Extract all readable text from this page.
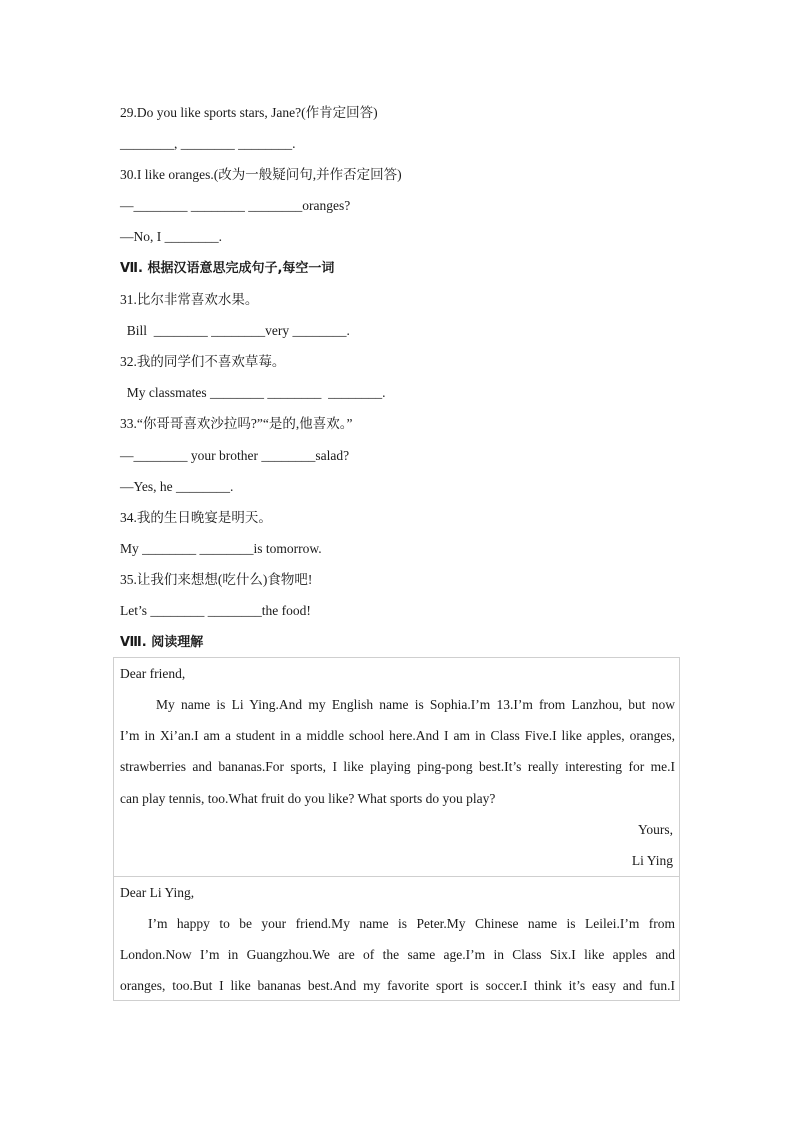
29.Do you like sports stars, Jane?(作肯定回答)
________, ________ ________.
30.I like oranges.(改为一般疑问句,并作否定回答)
—________ ________ ________oranges?
—No, I ________.
Ⅶ. 根据汉语意思完成句子,每空一词
31.比尔非常喜欢水果。
Bill  ________ ________very ________.
32.我的同学们不喜欢草莓。
My classmates ________ ________  ________.
33.“你哥哥喜欢沙拉吗?”“是的,他喜欢。”
—________ your brother ________salad?
—Yes, he ________.
34.我的生日晚宴是明天。
My ________ ________is tomorrow.
35.让我们来想想(吃什么)食物吧!
Let’s ________ ________the food!
Ⅷ. 阅读理解
Dear friend,
My name is Li Ying.And my English name is Sophia.I’m 13.I’m from Lanzhou, but now
I’m in Xi’an.I am a student in a middle school here.And I am in Class Five.I like apples, oranges,
strawberries and bananas.For sports, I like playing ping-pong best.It’s really interesting for me.I
can play tennis, too.What fruit do you like? What sports do you play?
Yours,
Li Ying
Dear Li Ying,
I’m happy to be your friend.My name is Peter.My Chinese name is Leilei.I’m from
London.Now I’m in Guangzhou.We are of the same age.I’m in Class Six.I like apples and
oranges, too.But I like bananas best.And my favorite sport is soccer.I think it’s easy and fun.I
